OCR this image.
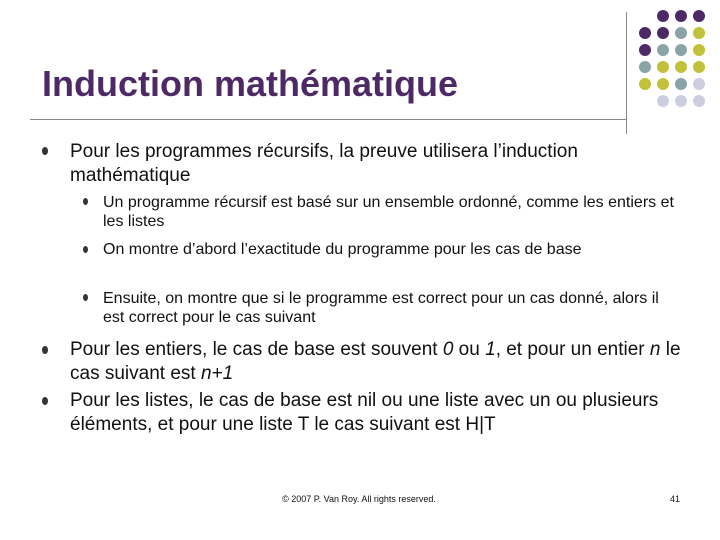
Induction mathématique
Pour les programmes récursifs, la preuve utilisera l’induction mathématique
Un programme récursif est basé sur un ensemble ordonné, comme les entiers et les listes
On montre d’abord l’exactitude du programme pour les cas de base
Ensuite, on montre que si le programme est correct pour un cas donné, alors il est correct pour le cas suivant
Pour les entiers, le cas de base est souvent 0 ou 1, et pour un entier n le cas suivant est n+1
Pour les listes, le cas de base est nil ou une liste avec un ou plusieurs éléments, et pour une liste T le cas suivant est H|T
© 2007 P. Van Roy. All rights reserved.	41
